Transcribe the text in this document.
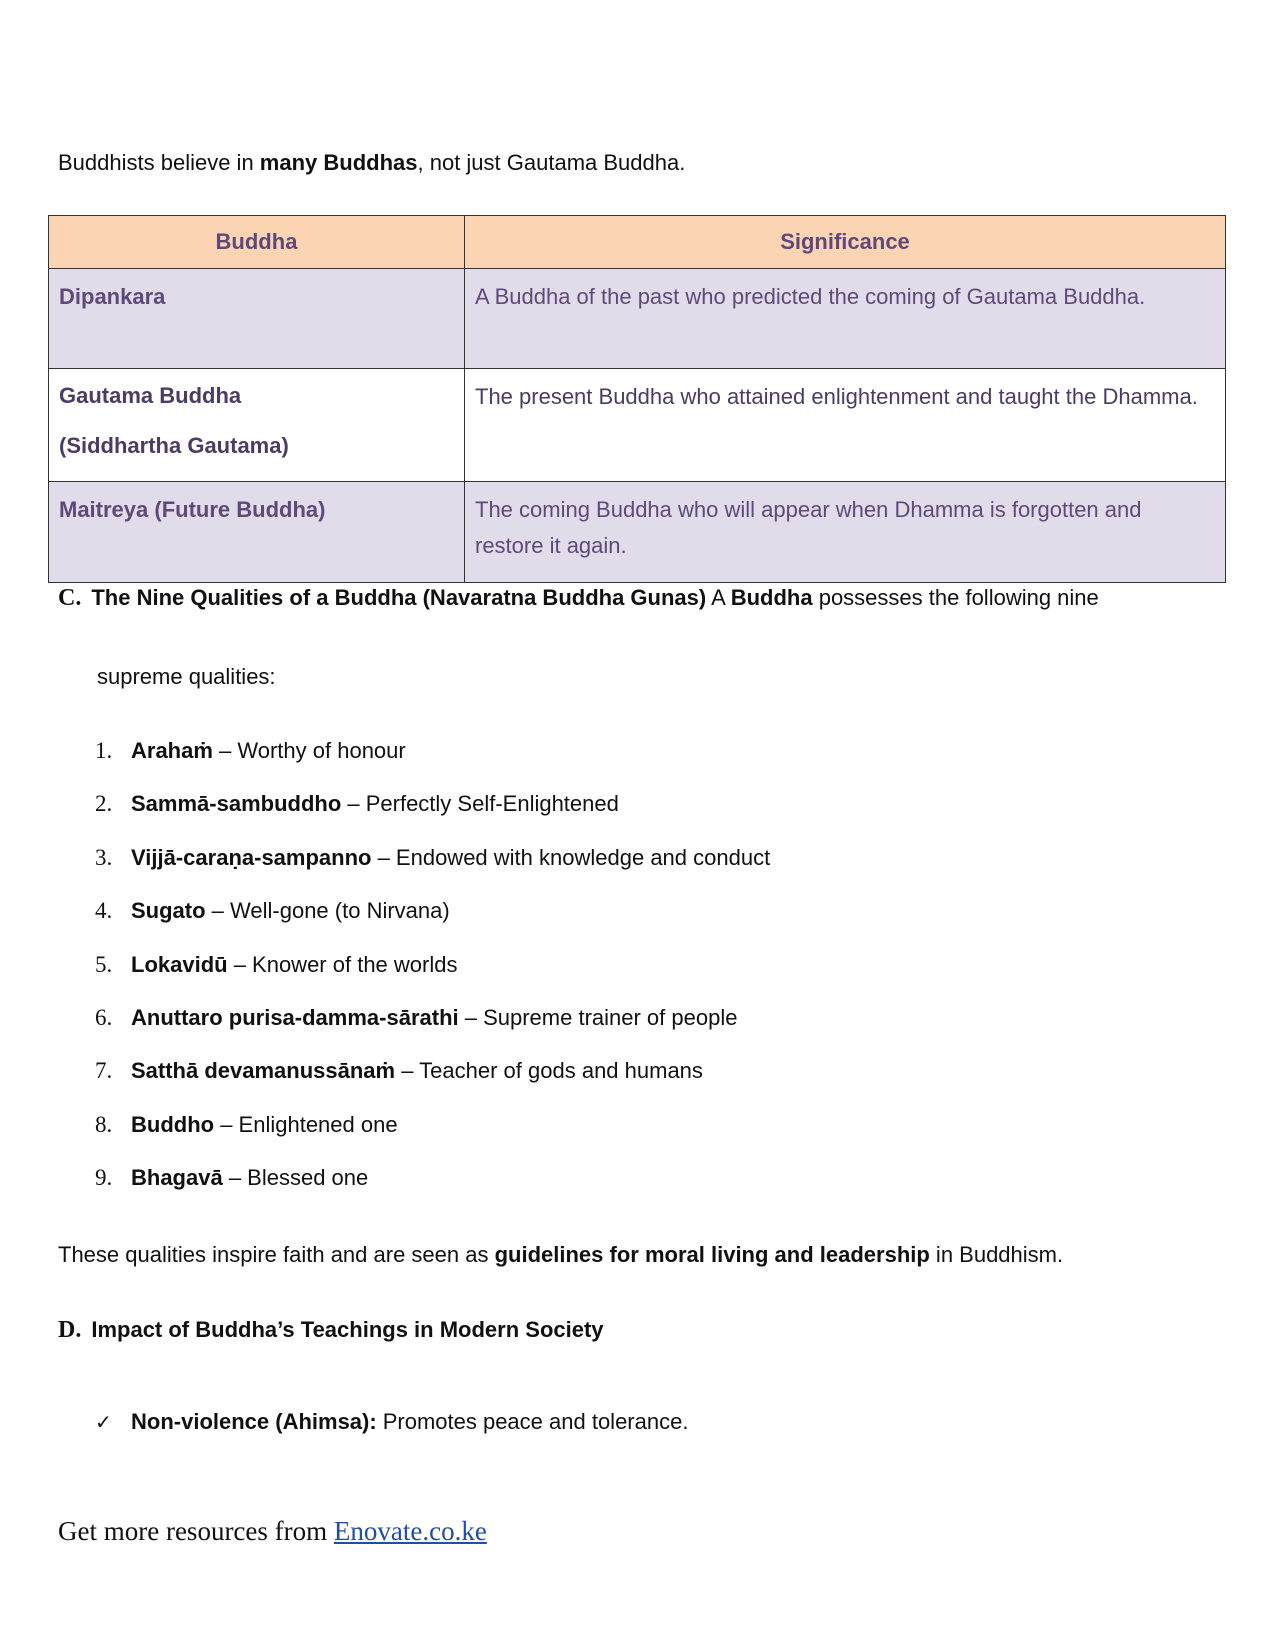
Buddhists believe in many Buddhas, not just Gautama Buddha.

Buddha	Significance
Dipankara	A Buddha of the past who predicted the coming of Gautama Buddha.
Gautama Buddha
(Siddhartha Gautama)	The present Buddha who attained enlightenment and taught the Dhamma.
Maitreya (Future Buddha)	The coming Buddha who will appear when Dhamma is forgotten and restore it again.

C. The Nine Qualities of a Buddha (Navaratna Buddha Gunas) A Buddha possesses the following nine

supreme qualities:

1. Arahaṁ – Worthy of honour
2. Sammā-sambuddho – Perfectly Self-Enlightened
3. Vijjā-caraṇa-sampanno – Endowed with knowledge and conduct
4. Sugato – Well-gone (to Nirvana)
5. Lokavidū – Knower of the worlds
6. Anuttaro purisa-damma-sārathi – Supreme trainer of people
7. Satthā devamanussānaṁ – Teacher of gods and humans
8. Buddho – Enlightened one
9. Bhagavā – Blessed one

These qualities inspire faith and are seen as guidelines for moral living and leadership in Buddhism.

D. Impact of Buddha’s Teachings in Modern Society

✓ Non-violence (Ahimsa): Promotes peace and tolerance.
Get more resources from Enovate.co.ke
